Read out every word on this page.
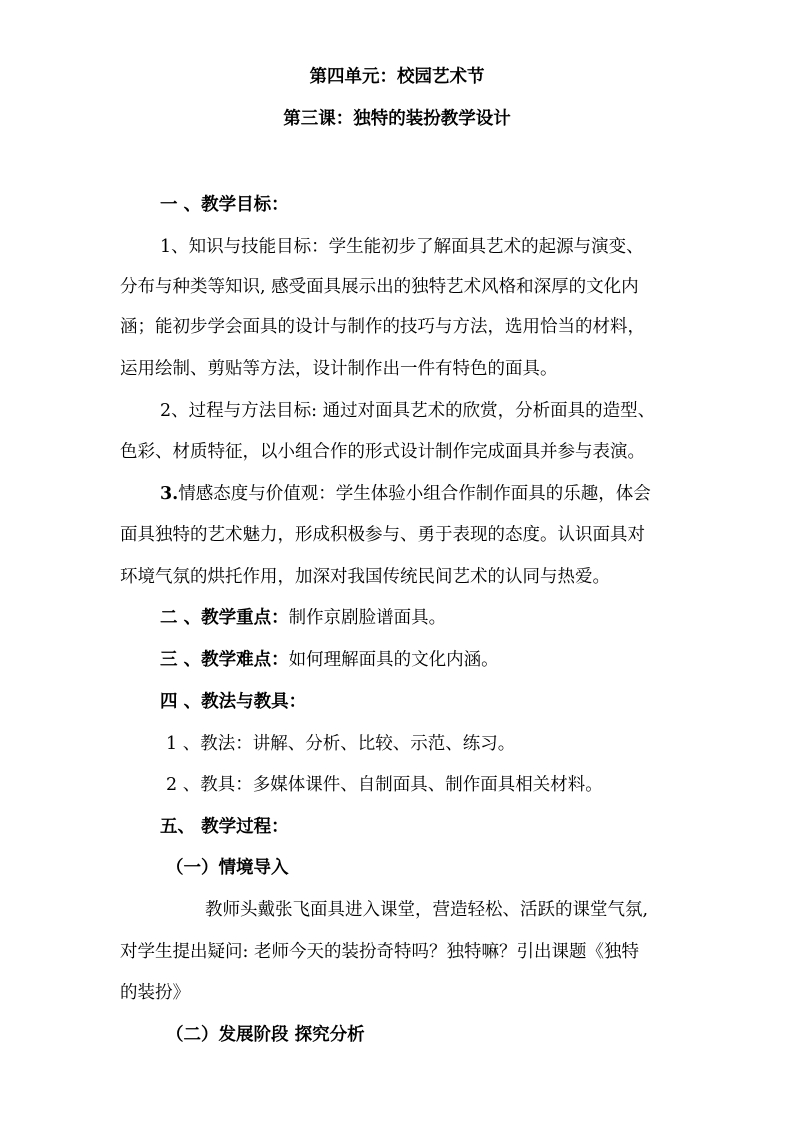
第四单元：校园艺术节
第三课：独特的装扮教学设计
一 、教学目标：
1、知识与技能目标：学生能初步了解面具艺术的起源与演变、
分布与种类等知识, 感受面具展示出的独特艺术风格和深厚的文化内
涵；能初步学会面具的设计与制作的技巧与方法，选用恰当的材料，
运用绘制、剪贴等方法，设计制作出一件有特色的面具。
2、过程与方法目标: 通过对面具艺术的欣赏，分析面具的造型、
色彩、材质特征，以小组合作的形式设计制作完成面具并参与表演。
3.情感态度与价值观：学生体验小组合作制作面具的乐趣，体会
面具独特的艺术魅力，形成积极参与、勇于表现的态度。认识面具对
环境气氛的烘托作用，加深对我国传统民间艺术的认同与热爱。
二 、教学重点：制作京剧脸谱面具。
三 、教学难点：如何理解面具的文化内涵。
四 、教法与教具：
1 、教法：讲解、分析、比较、示范、练习。
2 、教具：多媒体课件、自制面具、制作面具相关材料。
五、 教学过程：
（一）情境导入
教师头戴张飞面具进入课堂，营造轻松、活跃的课堂气氛,
对学生提出疑问: 老师今天的装扮奇特吗？独特嘛？引出课题《独特
的装扮》
（二）发展阶段 探究分析
